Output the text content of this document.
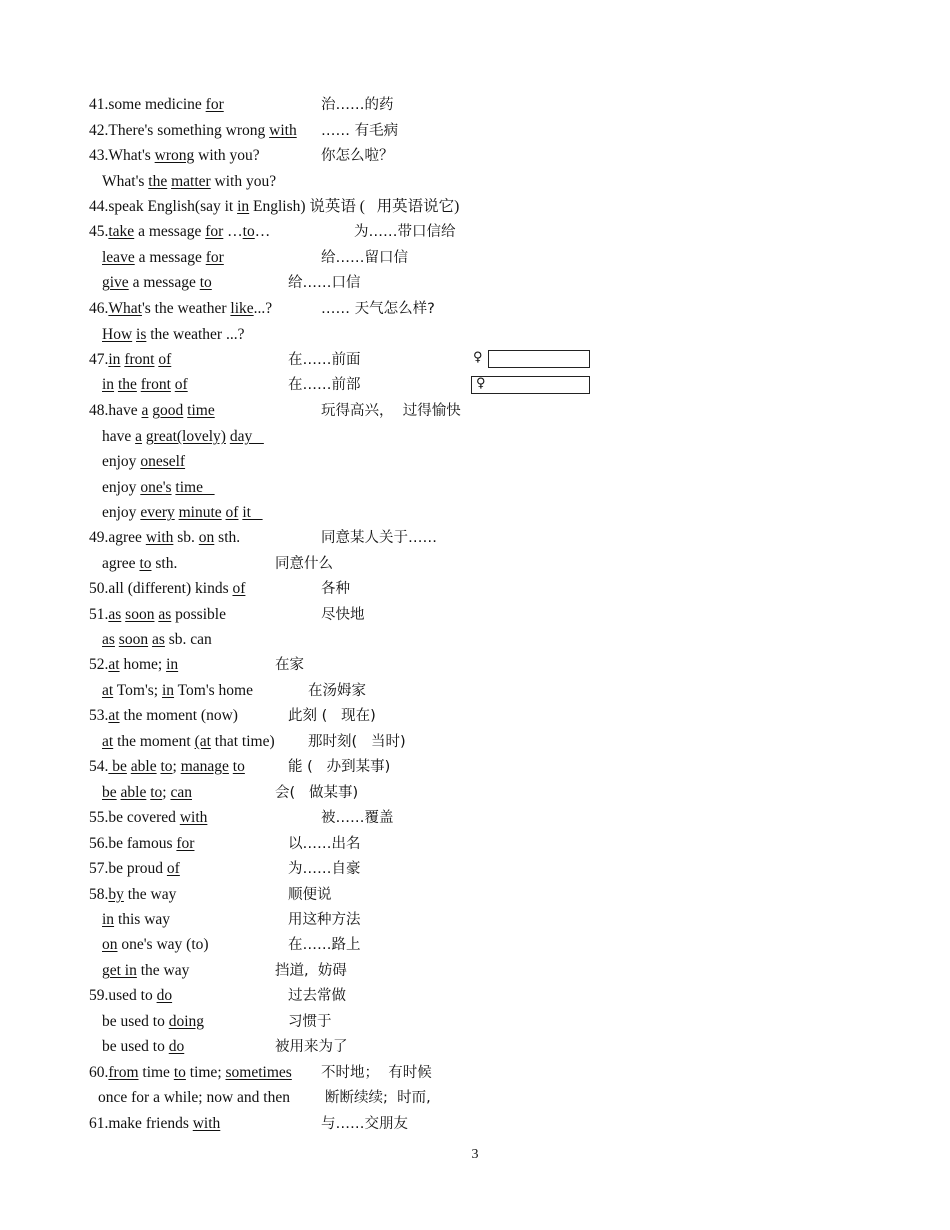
41.some medicine for	治……的药
42.There's something wrong with …… 有毛病
43.What's wrong with you?	你怎么啦？
What's the matter with you?
44.speak English(say it in English) 说英语 (   用英语说它)
45.take a message for …to…	为……带口信给
leave a message for	给……留口信
give a message to	给……口信
46.What's the weather like...?	…… 天气怎么样?
How is the weather ...?
47.in front of	在……前面
in the front of	在……前部
48.have a good time	玩得高兴，  过得愉快
have a great(lovely) day
enjoy oneself
enjoy one's time
enjoy every minute of it
49.agree with sb. on sth.	同意某人关于……
agree to sth.	同意什么
50.all (different) kinds of	各种
51.as soon as possible	尽快地
as soon as sb. can
52.at home; in	在家
at Tom's; in Tom's home	在汤姆家
53.at the moment (now)	此刻 (   现在)
at the moment (at that time) 那时刻(   当时)
54. be able to; manage to	能 (   办到某事)
be able to; can	会(   做某事)
55.be covered with	被……覆盖
56.be famous for	以……出名
57.be proud of	为……自豪
58.by the way	顺便说
in this way	用这种方法
on one's way (to)	在……路上
get in the way	挡道,  妨碍
59.used to do	过去常做
be used to doing	习惯于
be used to do	被用来为了
60.from time to time; sometimes 不时地；  有时候
once for a while; now and then 断断续续;  时而,
61.make friends with	与……交朋友
♀
♀
3
